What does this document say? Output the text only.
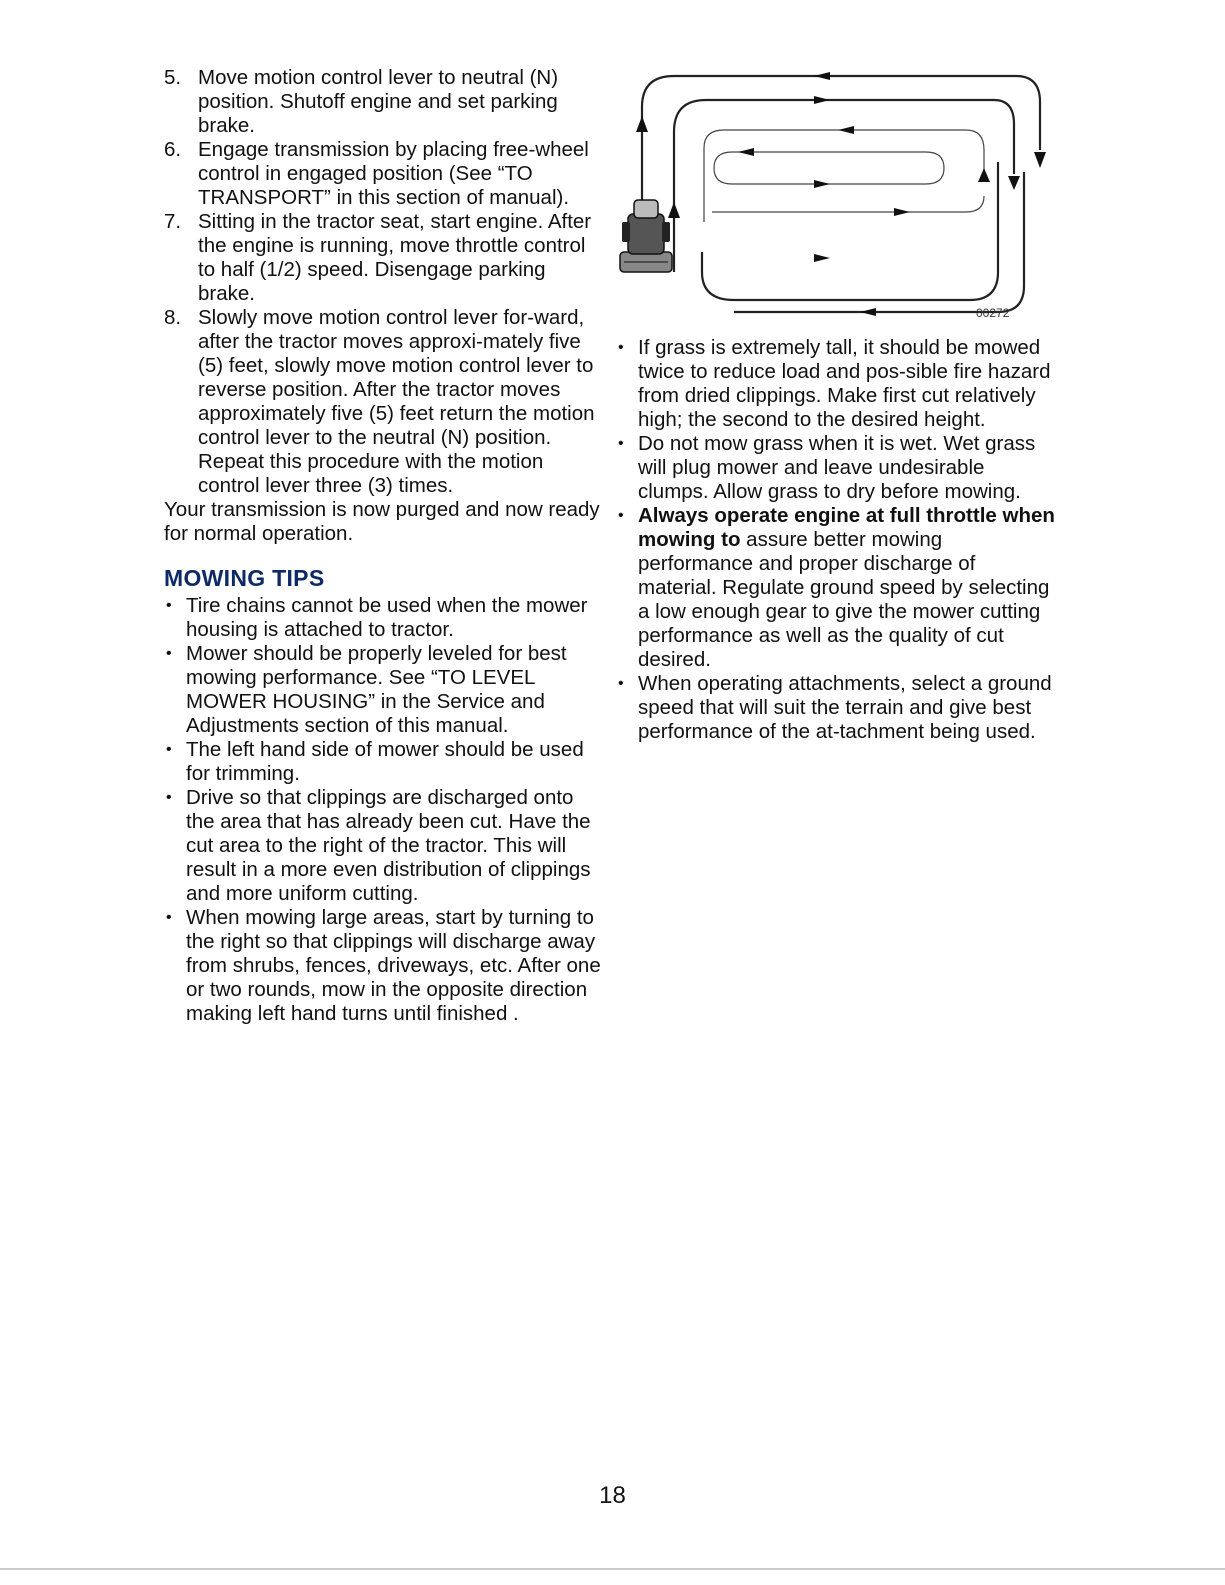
5. Move motion control lever to neutral (N) position. Shutoff engine and set parking brake.
6. Engage transmission by placing free-wheel control in engaged position (See “TO TRANSPORT” in this section of manual).
7. Sitting in the tractor seat, start engine. After the engine is running, move throttle control to half (1/2) speed. Disengage parking brake.
8. Slowly move motion control lever for-ward, after the tractor moves approxi-mately five (5) feet, slowly move motion control lever to reverse position. After the tractor moves approximately five (5) feet return the motion control lever to the neutral (N) position. Repeat this procedure with the motion control lever three (3) times.

Your transmission is now purged and now ready for normal operation.

MOWING TIPS
• Tire chains cannot be used when the mower housing is attached to tractor.
• Mower should be properly leveled for best mowing performance. See “TO LEVEL MOWER HOUSING” in the Service and Adjustments section of this manual.
• The left hand side of mower should be used for trimming.
• Drive so that clippings are discharged onto the area that has already been cut. Have the cut area to the right of the tractor. This will result in a more even distribution of clippings and more uniform cutting.
• When mowing large areas, start by turning to the right so that clippings will discharge away from shrubs, fences, driveways, etc. After one or two rounds, mow in the opposite direction making left hand turns until finished .
00272
• If grass is extremely tall, it should be mowed twice to reduce load and pos-sible fire hazard from dried clippings. Make first cut relatively high; the second to the desired height.
• Do not mow grass when it is wet. Wet grass will plug mower and leave undesirable clumps. Allow grass to dry before mowing.
• Always operate engine at full throttle when mowing to assure better mowing performance and proper discharge of material. Regulate ground speed by selecting a low enough gear to give the mower cutting performance as well as the quality of cut desired.
• When operating attachments, select a ground speed that will suit the terrain and give best performance of the at-tachment being used.
18
